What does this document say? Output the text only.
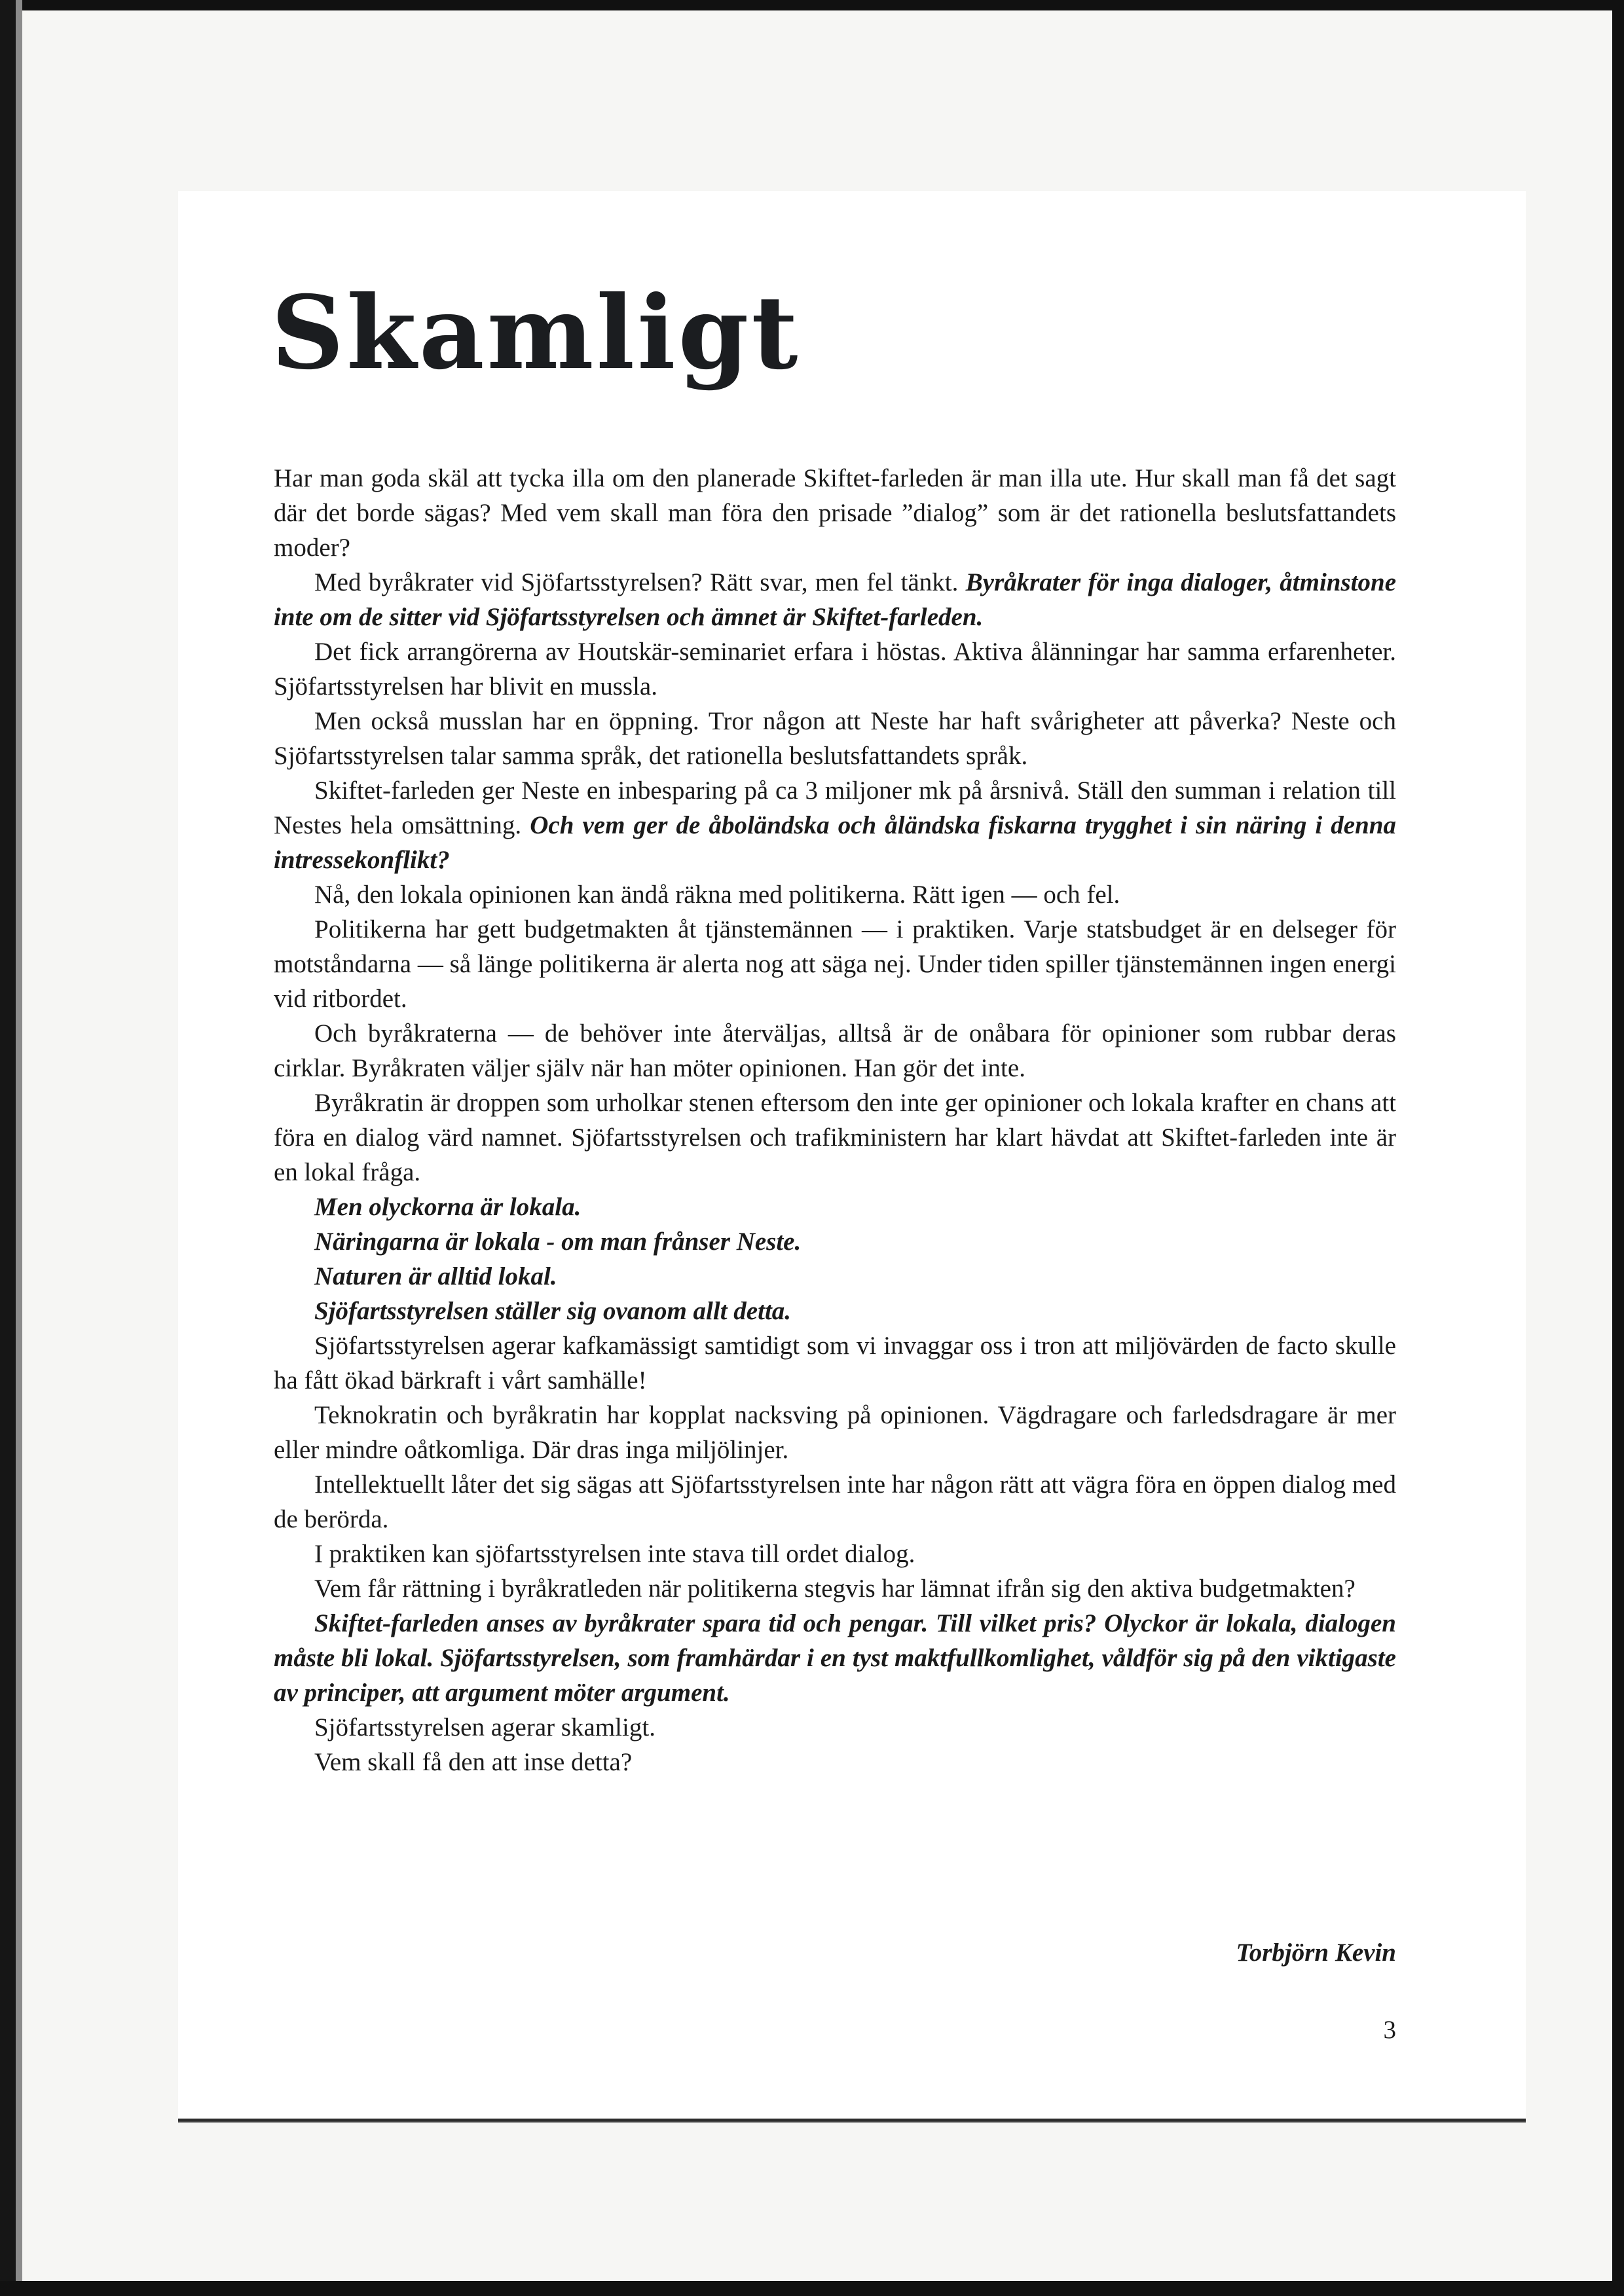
Skamligt

Har man goda skäl att tycka illa om den planerade Skiftet-farleden är man illa ute. Hur skall man få det sagt där det borde sägas? Med vem skall man föra den prisade ”dialog” som är det rationella beslutsfattandets moder?

Med byråkrater vid Sjöfartsstyrelsen? Rätt svar, men fel tänkt. Byråkrater för inga dialoger, åtminstone inte om de sitter vid Sjöfartsstyrelsen och ämnet är Skiftet-farleden.

Det fick arrangörerna av Houtskär-seminariet erfara i höstas. Aktiva ålänningar har samma erfarenheter. Sjöfartsstyrelsen har blivit en mussla.

Men också musslan har en öppning. Tror någon att Neste har haft svårigheter att påverka? Neste och Sjöfartsstyrelsen talar samma språk, det rationella beslutsfattandets språk.

Skiftet-farleden ger Neste en inbesparing på ca 3 miljoner mk på årsnivå. Ställ den summan i relation till Nestes hela omsättning. Och vem ger de åboländska och åländska fiskarna trygghet i sin näring i denna intressekonflikt?

Nå, den lokala opinionen kan ändå räkna med politikerna. Rätt igen — och fel.

Politikerna har gett budgetmakten åt tjänstemännen — i praktiken. Varje statsbudget är en delseger för motståndarna — så länge politikerna är alerta nog att säga nej. Under tiden spiller tjänstemännen ingen energi vid ritbordet.

Och byråkraterna — de behöver inte återväljas, alltså är de onåbara för opinioner som rubbar deras cirklar. Byråkraten väljer själv när han möter opinionen. Han gör det inte.

Byråkratin är droppen som urholkar stenen eftersom den inte ger opinioner och lokala krafter en chans att föra en dialog värd namnet. Sjöfartsstyrelsen och trafikministern har klart hävdat att Skiftet-farleden inte är en lokal fråga.

Men olyckorna är lokala.

Näringarna är lokala - om man frånser Neste.

Naturen är alltid lokal.

Sjöfartsstyrelsen ställer sig ovanom allt detta.

Sjöfartsstyrelsen agerar kafkamässigt samtidigt som vi invaggar oss i tron att miljövärden de facto skulle ha fått ökad bärkraft i vårt samhälle!

Teknokratin och byråkratin har kopplat nacksving på opinionen. Vägdragare och farledsdragare är mer eller mindre oåtkomliga. Där dras inga miljölinjer.

Intellektuellt låter det sig sägas att Sjöfartsstyrelsen inte har någon rätt att vägra föra en öppen dialog med de berörda.

I praktiken kan sjöfartsstyrelsen inte stava till ordet dialog.

Vem får rättning i byråkratleden när politikerna stegvis har lämnat ifrån sig den aktiva budgetmakten?

Skiftet-farleden anses av byråkrater spara tid och pengar. Till vilket pris? Olyckor är lokala, dialogen måste bli lokal. Sjöfartsstyrelsen, som framhärdar i en tyst maktfullkomlighet, våldför sig på den viktigaste av principer, att argument möter argument.

Sjöfartsstyrelsen agerar skamligt.

Vem skall få den att inse detta?

Torbjörn Kevin

3
